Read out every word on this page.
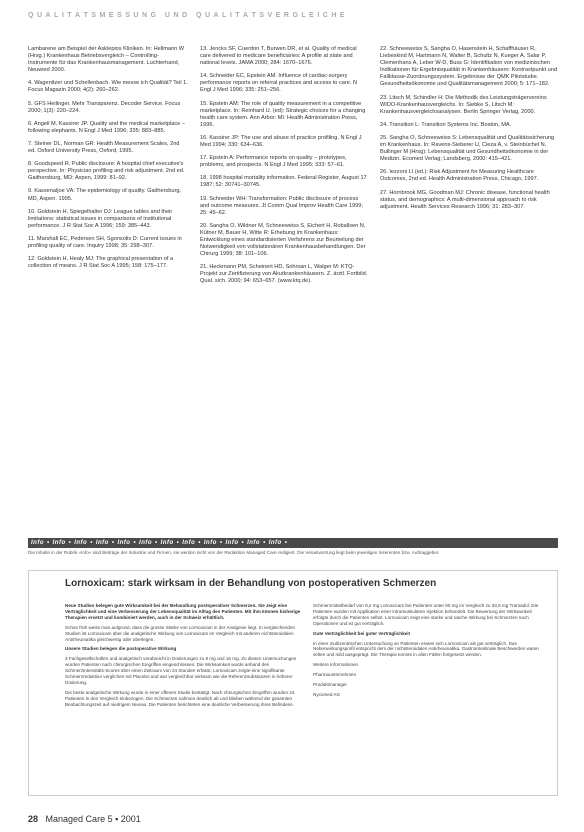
QUALITÄTSMESSUNG UND QUALITÄTSVERGLEICHE

Lambarene am Beispiel der Asklepios Kliniken. In: Hellmann W (Hrsg.) Krankenhaus Betriebsvergleich – Controlling-Instrumente für das Krankenhausmanagement. Luchterhand, Neuwied 2000.

4. Wagenitzer und Schellenbach. Wie messe ich Qualität? Teil 1. Focus Magazin 2000; 4(2): 260–262.

5. GFS Heilinger. Mehr Transparenz. Decoder Service. Focus 2000; 1(3): 220–224.

6. Angell M, Kassirer JP. Quality and the medical marketplace – following elephants. N Engl J Med 1996; 335: 883–885.

7. Steiner DL, Norman GR: Health Measurement Scales, 2nd ed. Oxford University Press, Oxford, 1995.

8. Goodspeed R. Public disclosure: A hospital chief executive's perspective. In: Physician profiling and risk adjustment. 2nd ed. Gaithersburg, MD: Aspen, 1999: 81–92.

9. Kassenaljoe VA: The epidemiology of quality. Gaithersburg, MD, Aspen. 1995.

10. Goldstein H, Spiegelhalter DJ: League tables and their limitations: statistical issues in comparisons of institutional performance. J R Stat Soc A 1996; 159: 385–443.

11. Marshall EC, Pedersen SH, Sgonsolis D: Current issues in profiling quality of care. Inquiry 1998; 35: 298–307.

12. Goldstein H, Healy MJ: The graphical presentation of a collection of means. J R Stat Soc A 1995; 158: 175–177.

13. Jencks SF, Cuerdon T, Burwen DR, et al. Quality of medical care delivered to medicare beneficiaries: A profile at state and national levels. JAMA 2000; 284: 1670–1676.

14. Schneider EC, Epstein AM. Influence of cardiac-surgery performance reports on referral practices and access to care. N Engl J Med 1996; 335: 251–256.

15. Epstein AM: The role of quality measurement in a competitive marketplace. In: Reinhard U. (ed): Strategic choices for a changing health care system. Ann Arbor: MI: Health Administration Press, 1996.

16. Kassirer JP: The use and abuse of practice profiling. N Engl J Med 1994; 330: 634–636.

17. Epstein A: Performance reports on quality – prototypes, problems, and prospects. N Engl J Med 1995; 333: 57–61.

18. 1998 hospital mortality information. Federal Register, August 17 1987; 52: 30741–30745.

19. Schneider WH: Transformation: Public disclosure of process and outcome measures. Jt Comm Qual Improv Health Care 1999; 25: 45–62.

20. Sangha O, Wildner M, Schneeweiss S, Eichert H, Roballsen N, Kütner M, Bauer H, Witte R: Erhebung im Krankenhaus: Entwicklung eines standardisierten Verfahrens zur Beurteilung der Notwendigkeit von vollstationären Krankenhausbehandlungen. Der Chirurg 1999; 38: 101–106.

21. Heckmann PM, Scheinert HD, Sohrsan L, Walger M: KTQ-Projekt zur Zertifizierung von Akutkrankenhäusern. Z. ärztl. Fortbild. Qual. sich. 2000; 94: 653–657. (www.ktq.de).

22. Schneeweiss S, Sangha O, Hasenstein H, Schaffhäuser R, Liebeskind M, Hartmann N, Walter B, Schultz N, Kueger A, Salar P, Clemenhans A, Leber W-D, Buss G: Identifikation von medizinischen Indikationen für Ergebnisqualität in Krankenhäusern: Kontrastpunkt und Fallklasse-Zuordnungssystem. Ergebnisse der QMK Pilotstudie. Gesundheitsökonomie und Qualitätsmanagement 2000; 5: 171–182.

23. Litsch M, Schindler H: Die Methodik des Leistungsträgervereins WIDO-Krankenhausvergleichs. In: Siebke S, Litsch M: Krankenhausvergleichsanalysen. Berlin Springer Verlag, 2000.

24. Transition L: Transition Systems Inc. Boston, MA.

25. Sangha O, Schneeweiss S: Lebensqualität und Qualitätssicherung im Krankenhaus. In: Ravens-Sieberer U, Cieza A, v. Steinbüchel N, Bullinger M (Hrsg): Lebensqualität und Gesundheitsökonomie in der Medizin. Ecomed Verlag; Landsberg, 2000: 415–421.

26. Iezzoni LI (ed.): Risk Adjustment for Measuring Healthcare Outcomes, 2nd ed. Health Administration Press, Chicago, 1997.

27. Hornbrook MG, Goodman MJ: Chronic disease, functional health status, and demographics: A multi-dimensional approach to risk adjustment. Health Services Research 1996; 31: 283–307.

Info • Info • Info • Info • Info • Info • Info • Info • Info • Info • Info • Info •
Die Inhalte in der Rubrik «Info» sind Beiträge der Industrie und Firmen, sie werden nicht von der Redaktion Managed Care redigiert. Die Verantwortung liegt beim jeweiligen Inserenten bzw. Auftraggeber.
Lornoxicam: stark wirksam in der Behandlung von postoperativen Schmerzen

Neue Studien belegen gute Wirksamkeit bei der Behandlung postoperativer Schmerzen. Sie zeigt eine Verträglichkeit und eine Verbesserung der Lebensqualität im Alltag des Patienten. Mit ihm können bisherige Therapien ersetzt und kombiniert werden, auch in der Schweiz erhältlich.

Schon früh weiss man aufgrund, dass die grosse Stärke von Lornoxicam in der Analgesie liegt. In vergleichenden Studien ist Lornoxicam über die analgetische Wirkung von Lornoxicam im Vergleich mit anderen nichtsteroidalen Antirheumatika gleichwertig oder überlegen.

Unsere Studien belegen die postoperative Wirkung

3 Fachgesellschaften und analgetisch verabreicht in Dosierungen zu 8 mg und 16 mg. Zu diesen Untersuchungen wurden Patienten nach chirurgischen Eingriffen eingeschlossen. Die Wirksamkeit wurde anhand des Schmerzintensitäts-Scores über einen Zeitraum von 24 Stunden erfasst. Lornoxicam zeigte eine signifikante Schmerzreduktion verglichen mit Placebo und war vergleichbar wirksam wie die Referenzsubstanzen in höherer Dosierung.

Die beste analgetische Wirkung wurde in einer offenen Studie bestätigt. Nach chirurgischen Eingriffen wurden 24 Patienten in den Vergleich einbezogen. Die Schmerzen nahmen deutlich ab und blieben während der gesamten Beobachtungszeit auf niedrigem Niveau. Die Patienten berichteten eine deutliche Verbesserung ihres Befindens.

Schmerzmittelbedarf von 8,2 mg Lornoxicam bei Patienten unter 80 mg im Vergleich zu 33,5 mg Tramadol. Die Patienten wurden mit Applikation einer intramuskulären Injektion behandelt. Die Bewertung der Wirksamkeit erfolgte durch die Patienten selbst. Lornoxicam zeigt eine starke und rasche Wirkung bei Schmerzen nach Operationen und ist gut verträglich.

Gute Verträglichkeit bei guter Verträglichkeit

In einer multizentrischen Untersuchung an Patienten erwies sich Lornoxicam als gut verträglich. Das Nebenwirkungsprofil entspricht dem der nichtsteroidalen Antirheumatika. Gastrointestinale Beschwerden waren selten und mild ausgeprägt. Die Therapie konnte in allen Fällen fortgesetzt werden.

Weitere Informationen

Pharmaunternehmen

Produktmanager

Nycomed AG

28 Managed Care 5 ▪ 2001
